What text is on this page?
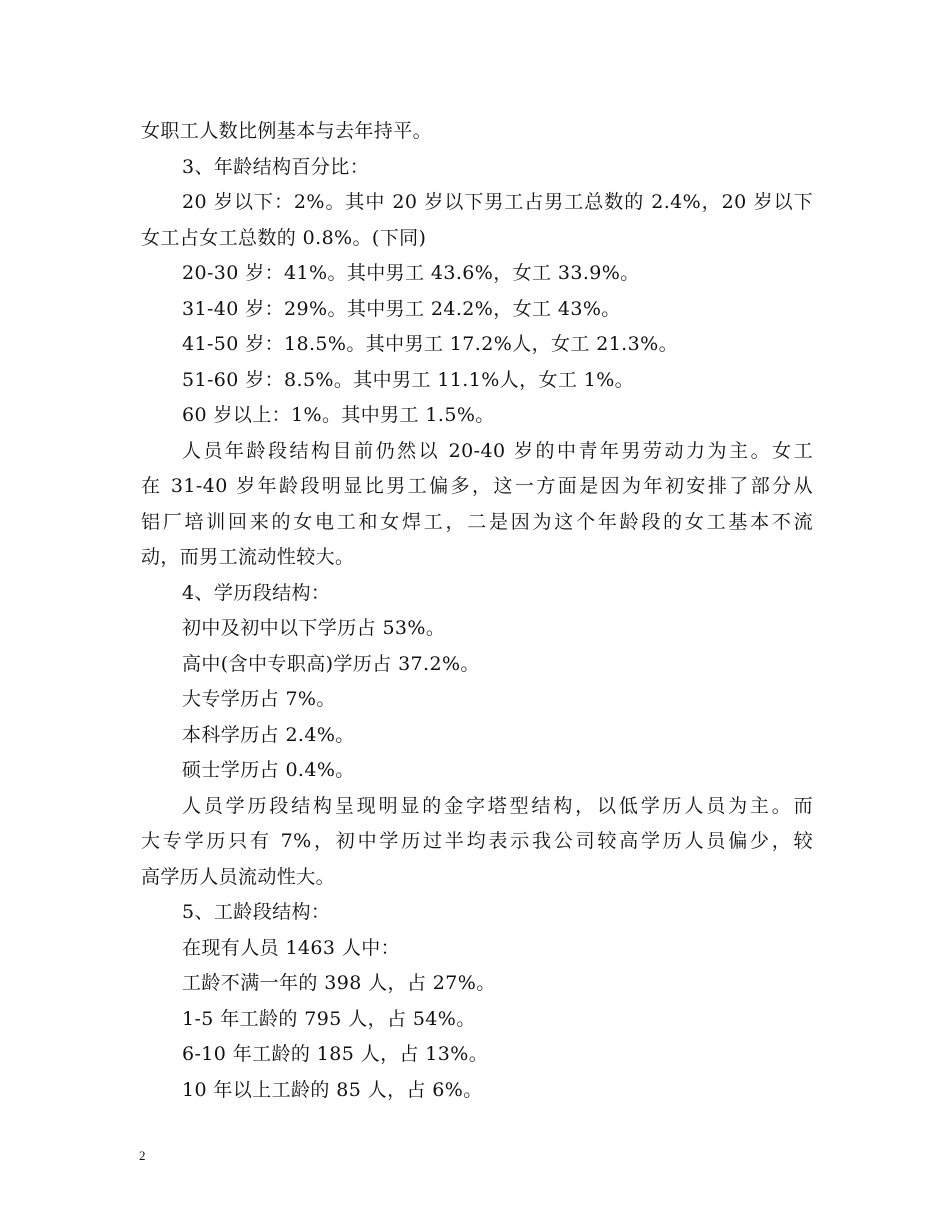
女职工人数比例基本与去年持平。
3、年龄结构百分比：
20 岁以下：2%。其中 20 岁以下男工占男工总数的 2.4%，20 岁以下
女工占女工总数的 0.8%。(下同)
20-30 岁：41%。其中男工 43.6%，女工 33.9%。
31-40 岁：29%。其中男工 24.2%，女工 43%。
41-50 岁：18.5%。其中男工 17.2%人，女工 21.3%。
51-60 岁：8.5%。其中男工 11.1%人，女工 1%。
60 岁以上：1%。其中男工 1.5%。
人员年龄段结构目前仍然以 20-40 岁的中青年男劳动力为主。女工
在 31-40 岁年龄段明显比男工偏多，这一方面是因为年初安排了部分从
铝厂培训回来的女电工和女焊工，二是因为这个年龄段的女工基本不流
动，而男工流动性较大。
4、学历段结构：
初中及初中以下学历占 53%。
高中(含中专职高)学历占 37.2%。
大专学历占 7%。
本科学历占 2.4%。
硕士学历占 0.4%。
人员学历段结构呈现明显的金字塔型结构，以低学历人员为主。而
大专学历只有 7%，初中学历过半均表示我公司较高学历人员偏少，较
高学历人员流动性大。
5、工龄段结构：
在现有人员 1463 人中：
工龄不满一年的 398 人，占 27%。
1-5 年工龄的 795 人，占 54%。
6-10 年工龄的 185 人，占 13%。
10 年以上工龄的 85 人，占 6%。
2
